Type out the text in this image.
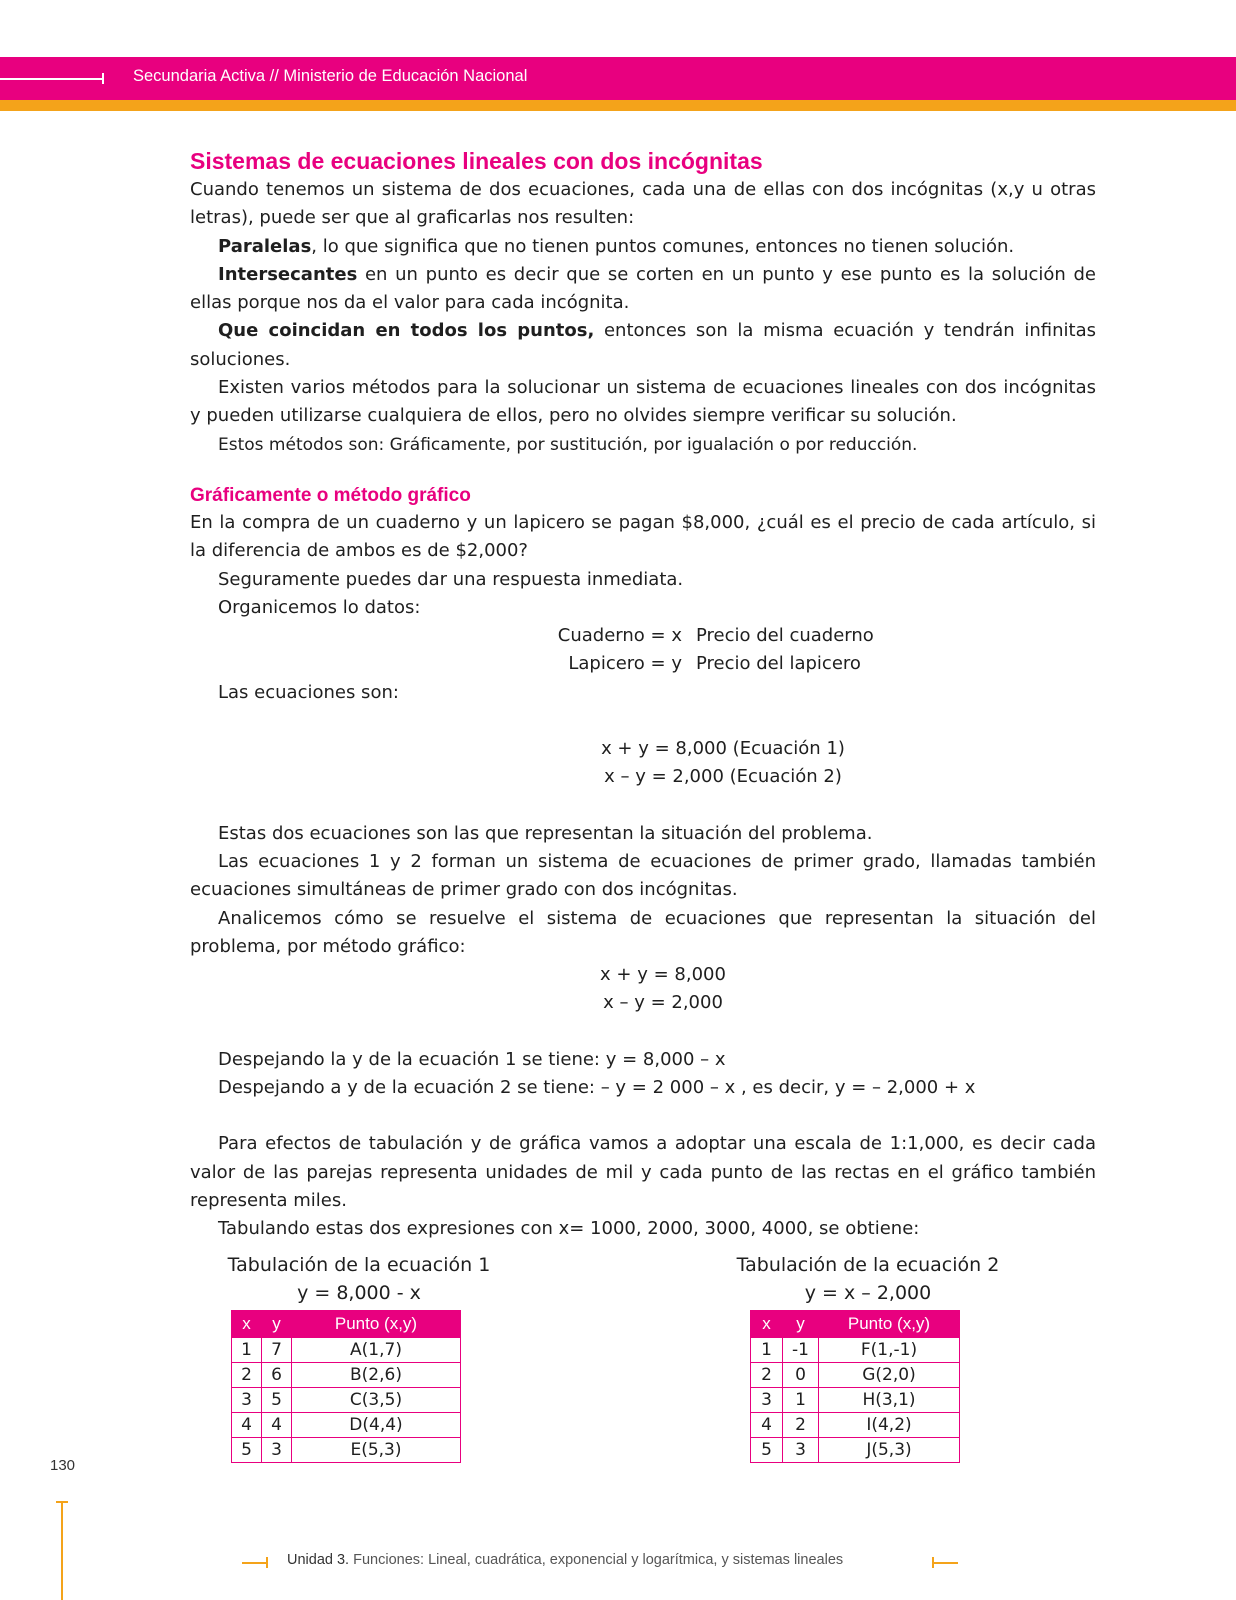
Secundaria Activa // Ministerio de Educación Nacional
Sistemas de ecuaciones lineales con dos incógnitas

Cuando tenemos un sistema de dos ecuaciones, cada una de ellas con dos incógnitas (x,y u otras letras), puede ser que al graficarlas nos resulten:

Paralelas, lo que significa que no tienen puntos comunes, entonces no tienen solución.

Intersecantes en un punto es decir que se corten en un punto y ese punto es la solución de ellas porque nos da el valor para cada incógnita.

Que coincidan en todos los puntos, entonces son la misma ecuación y tendrán infinitas soluciones.

Existen varios métodos para la solucionar un sistema de ecuaciones lineales con dos incógnitas y pueden utilizarse cualquiera de ellos, pero no olvides siempre verificar su solución.

Estos métodos son: Gráficamente, por sustitución, por igualación o por reducción.

Gráficamente o método gráfico

En la compra de un cuaderno y un lapicero se pagan $8,000, ¿cuál es el precio de cada artículo, si la diferencia de ambos es de $2,000?

Seguramente puedes dar una respuesta inmediata.

Organicemos lo datos:

Cuaderno = x Precio del cuaderno
Lapicero = y Precio del lapicero

Las ecuaciones son:

x + y = 8,000 (Ecuación 1)

x – y = 2,000 (Ecuación 2)

Estas dos ecuaciones son las que representan la situación del problema.

Las ecuaciones 1 y 2 forman un sistema de ecuaciones de primer grado, llamadas también ecuaciones simultáneas de primer grado con dos incógnitas.

Analicemos cómo se resuelve el sistema de ecuaciones que representan la situación del problema, por método gráfico:

x + y = 8,000

x – y = 2,000

Despejando la y de la ecuación 1 se tiene: y = 8,000 – x

Despejando a y de la ecuación 2 se tiene: – y = 2 000 – x , es decir, y = – 2,000 + x

Para efectos de tabulación y de gráfica vamos a adoptar una escala de 1:1,000, es decir cada valor de las parejas representa unidades de mil y cada punto de las rectas en el gráfico también representa miles.

Tabulando estas dos expresiones con x= 1000, 2000, 3000, 4000, se obtiene:

Tabulación de la ecuación 1
y = 8,000 - x
x	y	Punto (x,y)
1	7	A(1,7)
2	6	B(2,6)
3	5	C(3,5)
4	4	D(4,4)
5	3	E(5,3)
Tabulación de la ecuación 2
y = x – 2,000
x	y	Punto (x,y)
1	-1	F(1,-1)
2	0	G(2,0)
3	1	H(3,1)
4	2	I(4,2)
5	3	J(5,3)
130
Unidad 3. Funciones: Lineal, cuadrática, exponencial y logarítmica, y sistemas lineales
